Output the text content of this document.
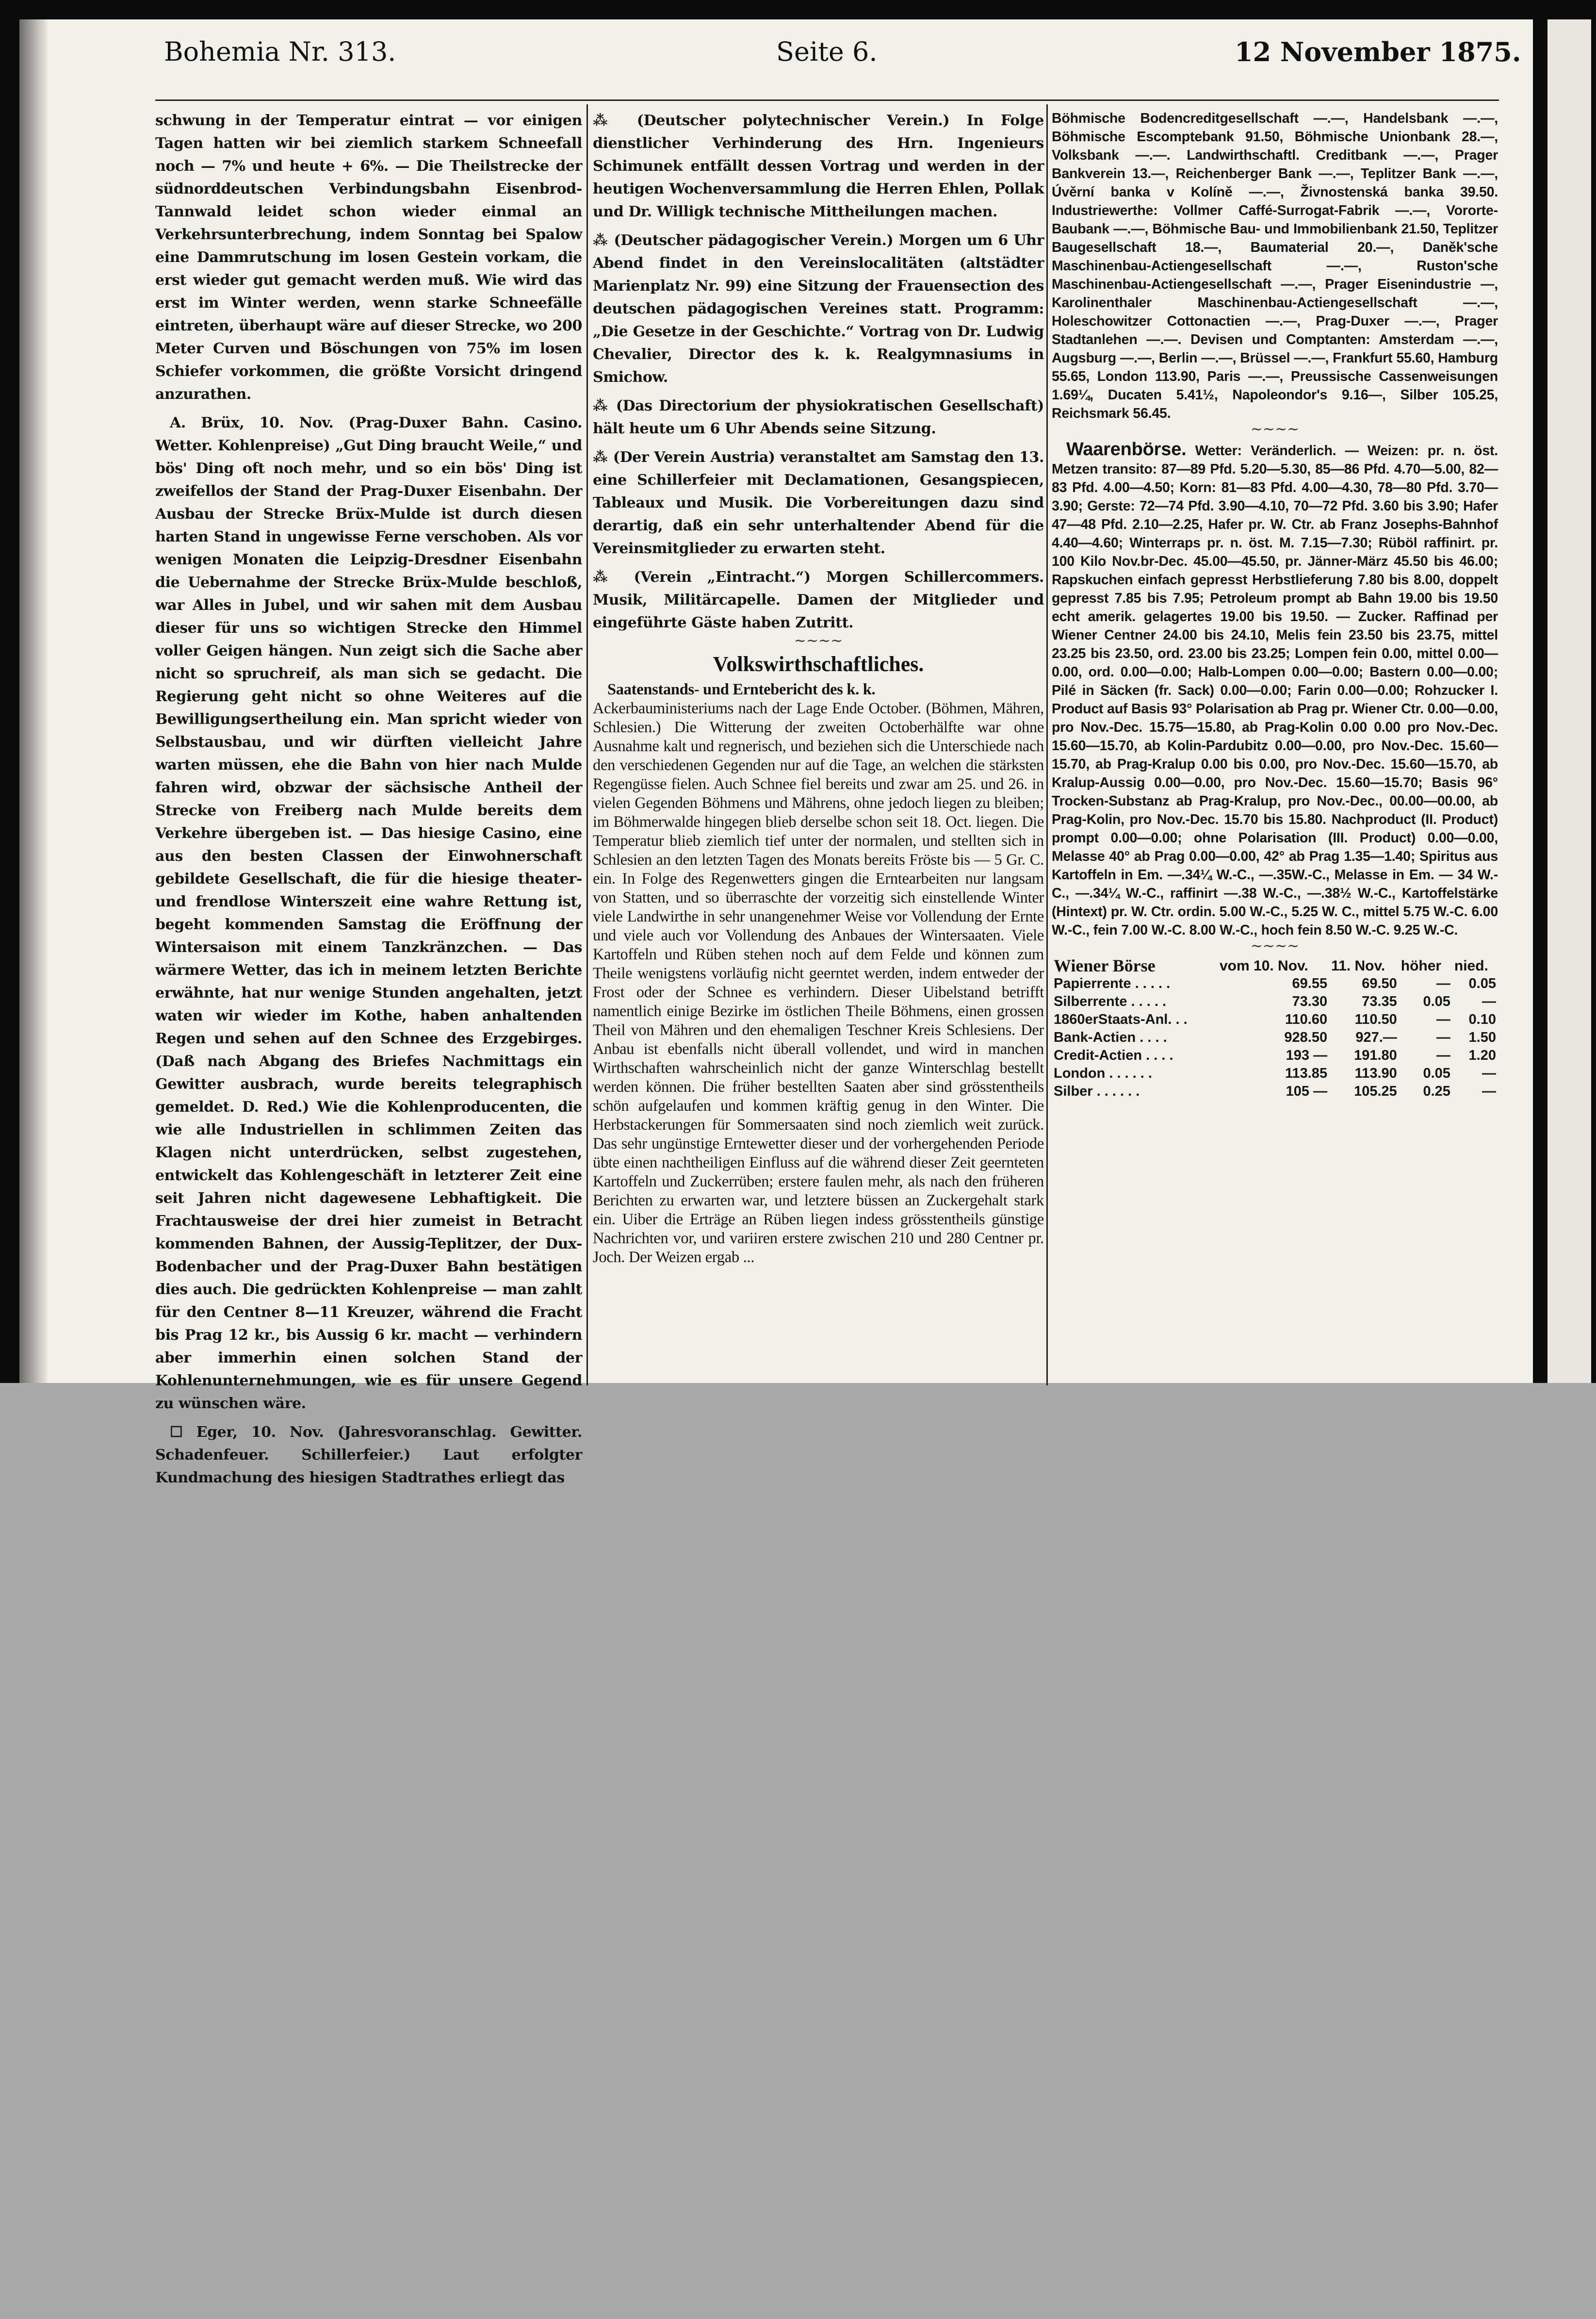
Bohemia Nr. 313.	Seite 6.	12 November 1875.

schwung in der Temperatur eintrat — vor einigen Tagen hatten wir bei ziemlich starkem Schneefall noch — 7% und heute + 6%. — Die Theilstrecke der südnorddeutschen Verbindungsbahn Eisenbrod-Tannwald leidet schon wieder einmal an Verkehrsunterbrechung, indem Sonntag bei Spalow eine Dammrutschung im losen Gestein vorkam, die erst wieder gut gemacht werden muß. Wie wird das erst im Winter werden, wenn starke Schneefälle eintreten, überhaupt wäre auf dieser Strecke, wo 200 Meter Curven und Böschungen von 75% im losen Schiefer vorkommen, die größte Vorsicht dringend anzurathen.

A. Brüx, 10. Nov. (Prag-Duxer Bahn. Casino. Wetter. Kohlenpreise) „Gut Ding braucht Weile,“ und bös' Ding oft noch mehr, und so ein bös' Ding ist zweifellos der Stand der Prag-Duxer Eisenbahn. Der Ausbau der Strecke Brüx-Mulde ist durch diesen harten Stand in ungewisse Ferne verschoben. Als vor wenigen Monaten die Leipzig-Dresdner Eisenbahn die Uebernahme der Strecke Brüx-Mulde beschloß, war Alles in Jubel, und wir sahen mit dem Ausbau dieser für uns so wichtigen Strecke den Himmel voller Geigen hängen. Nun zeigt sich die Sache aber nicht so spruchreif, als man sich se gedacht. Die Regierung geht nicht so ohne Weiteres auf die Bewilligungsertheilung ein. Man spricht wieder von Selbstausbau, und wir dürften vielleicht Jahre warten müssen, ehe die Bahn von hier nach Mulde fahren wird, obzwar der sächsische Antheil der Strecke von Freiberg nach Mulde bereits dem Verkehre übergeben ist. — Das hiesige Casino, eine aus den besten Classen der Einwohnerschaft gebildete Gesellschaft, die für die hiesige theater- und frendlose Winterszeit eine wahre Rettung ist, begeht kommenden Samstag die Eröffnung der Wintersaison mit einem Tanzkränzchen. — Das wärmere Wetter, das ich in meinem letzten Berichte erwähnte, hat nur wenige Stunden angehalten, jetzt waten wir wieder im Kothe, haben anhaltenden Regen und sehen auf den Schnee des Erzgebirges. (Daß nach Abgang des Briefes Nachmittags ein Gewitter ausbrach, wurde bereits telegraphisch gemeldet. D. Red.) Wie die Kohlenproducenten, die wie alle Industriellen in schlimmen Zeiten das Klagen nicht unterdrücken, selbst zugestehen, entwickelt das Kohlengeschäft in letzterer Zeit eine seit Jahren nicht dagewesene Lebhaftigkeit. Die Frachtausweise der drei hier zumeist in Betracht kommenden Bahnen, der Aussig-Teplitzer, der Dux-Bodenbacher und der Prag-Duxer Bahn bestätigen dies auch. Die gedrückten Kohlenpreise — man zahlt für den Centner 8—11 Kreuzer, während die Fracht bis Prag 12 kr., bis Aussig 6 kr. macht — verhindern aber immerhin einen solchen Stand der Kohlenunternehmungen, wie es für unsere Gegend zu wünschen wäre.

☐ Eger, 10. Nov. (Jahresvoranschlag. Gewitter. Schadenfeuer. Schillerfeier.) Laut erfolgter Kundmachung des hiesigen Stadtrathes erliegt das

⁂ (Deutscher polytechnischer Verein.) In Folge dienstlicher Verhinderung des Hrn. Ingenieurs Schimunek entfällt dessen Vortrag und werden in der heutigen Wochenversammlung die Herren Ehlen, Pollak und Dr. Willigk technische Mittheilungen machen.

⁂ (Deutscher pädagogischer Verein.) Morgen um 6 Uhr Abend findet in den Vereinslocalitäten (altstädter Marienplatz Nr. 99) eine Sitzung der Frauensection des deutschen pädagogischen Vereines statt. Programm: „Die Gesetze in der Geschichte.“ Vortrag von Dr. Ludwig Chevalier, Director des k. k. Realgymnasiums in Smichow.

⁂ (Das Directorium der physiokratischen Gesellschaft) hält heute um 6 Uhr Abends seine Sitzung.

⁂ (Der Verein Austria) veranstaltet am Samstag den 13. eine Schillerfeier mit Declamationen, Gesangspiecen, Tableaux und Musik. Die Vorbereitungen dazu sind derartig, daß ein sehr unterhaltender Abend für die Vereinsmitglieder zu erwarten steht.

⁂ (Verein „Eintracht.“) Morgen Schillercommers. Musik, Militärcapelle. Damen der Mitglieder und eingeführte Gäste haben Zutritt.

∼∼∼∼
Volkswirthschaftliches.

Saatenstands- und Erntebericht des k. k.

Ackerbauministeriums nach der Lage Ende October. (Böhmen, Mähren, Schlesien.) Die Witterung der zweiten Octoberhälfte war ohne Ausnahme kalt und regnerisch, und beziehen sich die Unterschiede nach den verschiedenen Gegenden nur auf die Tage, an welchen die stärksten Regengüsse fielen. Auch Schnee fiel bereits und zwar am 25. und 26. in vielen Gegenden Böhmens und Mährens, ohne jedoch liegen zu bleiben; im Böhmerwalde hingegen blieb derselbe schon seit 18. Oct. liegen. Die Temperatur blieb ziemlich tief unter der normalen, und stellten sich in Schlesien an den letzten Tagen des Monats bereits Fröste bis — 5 Gr. C. ein. In Folge des Regenwetters gingen die Erntearbeiten nur langsam von Statten, und so überraschte der vorzeitig sich einstellende Winter viele Landwirthe in sehr unangenehmer Weise vor Vollendung der Ernte und viele auch vor Vollendung des Anbaues der Wintersaaten. Viele Kartoffeln und Rüben stehen noch auf dem Felde und können zum Theile wenigstens vorläufig nicht geerntet werden, indem entweder der Frost oder der Schnee es verhindern. Dieser Uibelstand betrifft namentlich einige Bezirke im östlichen Theile Böhmens, einen grossen Theil von Mähren und den ehemaligen Teschner Kreis Schlesiens. Der Anbau ist ebenfalls nicht überall vollendet, und wird in manchen Wirthschaften wahrscheinlich nicht der ganze Winterschlag bestellt werden können. Die früher bestellten Saaten aber sind grösstentheils schön aufgelaufen und kommen kräftig genug in den Winter. Die Herbstackerungen für Sommersaaten sind noch ziemlich weit zurück. Das sehr ungünstige Erntewetter dieser und der vorhergehenden Periode übte einen nachtheiligen Einfluss auf die während dieser Zeit geernteten Kartoffeln und Zuckerrüben; erstere faulen mehr, als nach den früheren Berichten zu erwarten war, und letztere büssen an Zuckergehalt stark ein. Uiber die Erträge an Rüben liegen indess grösstentheils günstige Nachrichten vor, und variiren erstere zwischen 210 und 280 Centner pr. Joch. Der Weizen ergab ...

Böhmische Bodencreditgesellschaft —.—, Handelsbank —.—, Böhmische Escomptebank 91.50, Böhmische Unionbank 28.—, Volksbank —.—. Landwirthschaftl. Creditbank —.—, Prager Bankverein 13.—, Reichenberger Bank —.—, Teplitzer Bank —.—, Úvěrní banka v Kolíně —.—, Živnostenská banka 39.50. Industriewerthe: Vollmer Caffé-Surrogat-Fabrik —.—, Vororte-Baubank —.—, Böhmische Bau- und Immobilienbank 21.50, Teplitzer Baugesellschaft 18.—, Baumaterial 20.—, Daněk'sche Maschinenbau-Actiengesellschaft —.—, Ruston'sche Maschinenbau-Actiengesellschaft —.—, Prager Eisenindustrie —, Karolinenthaler Maschinenbau-Actiengesellschaft —.—, Holeschowitzer Cottonactien —.—, Prag-Duxer —.—, Prager Stadtanlehen —.—. Devisen und Comptanten: Amsterdam —.—, Augsburg —.—, Berlin —.—, Brüssel —.—, Frankfurt 55.60, Hamburg 55.65, London 113.90, Paris —.—, Preussische Cassenweisungen 1.69¼, Ducaten 5.41½, Napoleondor's 9.16—, Silber 105.25, Reichsmark 56.45.

∼∼∼∼

Waarenbörse. Wetter: Veränderlich. — Weizen: pr. n. öst. Metzen transito: 87—89 Pfd. 5.20—5.30, 85—86 Pfd. 4.70—5.00, 82—83 Pfd. 4.00—4.50; Korn: 81—83 Pfd. 4.00—4.30, 78—80 Pfd. 3.70—3.90; Gerste: 72—74 Pfd. 3.90—4.10, 70—72 Pfd. 3.60 bis 3.90; Hafer 47—48 Pfd. 2.10—2.25, Hafer pr. W. Ctr. ab Franz Josephs-Bahnhof 4.40—4.60; Winterraps pr. n. öst. M. 7.15—7.30; Rüböl raffinirt. pr. 100 Kilo Nov.br-Dec. 45.00—45.50, pr. Jänner-März 45.50 bis 46.00; Rapskuchen einfach gepresst Herbstlieferung 7.80 bis 8.00, doppelt gepresst 7.85 bis 7.95; Petroleum prompt ab Bahn 19.00 bis 19.50 echt amerik. gelagertes 19.00 bis 19.50. — Zucker. Raffinad per Wiener Centner 24.00 bis 24.10, Melis fein 23.50 bis 23.75, mittel 23.25 bis 23.50, ord. 23.00 bis 23.25; Lompen fein 0.00, mittel 0.00—0.00, ord. 0.00—0.00; Halb-Lompen 0.00—0.00; Bastern 0.00—0.00; Pilé in Säcken (fr. Sack) 0.00—0.00; Farin 0.00—0.00; Rohzucker I. Product auf Basis 93° Polarisation ab Prag pr. Wiener Ctr. 0.00—0.00, pro Nov.-Dec. 15.75—15.80, ab Prag-Kolin 0.00 0.00 pro Nov.-Dec. 15.60—15.70, ab Kolin-Pardubitz 0.00—0.00, pro Nov.-Dec. 15.60—15.70, ab Prag-Kralup 0.00 bis 0.00, pro Nov.-Dec. 15.60—15.70, ab Kralup-Aussig 0.00—0.00, pro Nov.-Dec. 15.60—15.70; Basis 96° Trocken-Substanz ab Prag-Kralup, pro Nov.-Dec., 00.00—00.00, ab Prag-Kolin, pro Nov.-Dec. 15.70 bis 15.80. Nachproduct (II. Product) prompt 0.00—0.00; ohne Polarisation (III. Product) 0.00—0.00, Melasse 40° ab Prag 0.00—0.00, 42° ab Prag 1.35—1.40; Spiritus aus Kartoffeln in Em. —.34¼ W.-C., —.35W.-C., Melasse in Em. — 34 W.-C., —.34¼ W.-C., raffinirt —.38 W.-C., —.38½ W.-C., Kartoffelstärke (Hintext) pr. W. Ctr. ordin. 5.00 W.-C., 5.25 W. C., mittel 5.75 W.-C. 6.00 W.-C., fein 7.00 W.-C. 8.00 W.-C., hoch fein 8.50 W.-C. 9.25 W.-C.

∼∼∼∼
Wiener Börse	vom 10. Nov.	11. Nov.	höher	nied.
Papierrente . . . . .	69.55	69.50	—	0.05
Silberrente . . . . .	73.30	73.35	0.05	—
1860erStaats-Anl. . .	110.60	110.50	—	0.10
Bank-Actien . . . .	928.50	927.—	—	1.50
Credit-Actien . . . .	193 —	191.80	—	1.20
London . . . . . .	113.85	113.90	0.05	—
Silber . . . . . .	105 —	105.25	0.25	—
